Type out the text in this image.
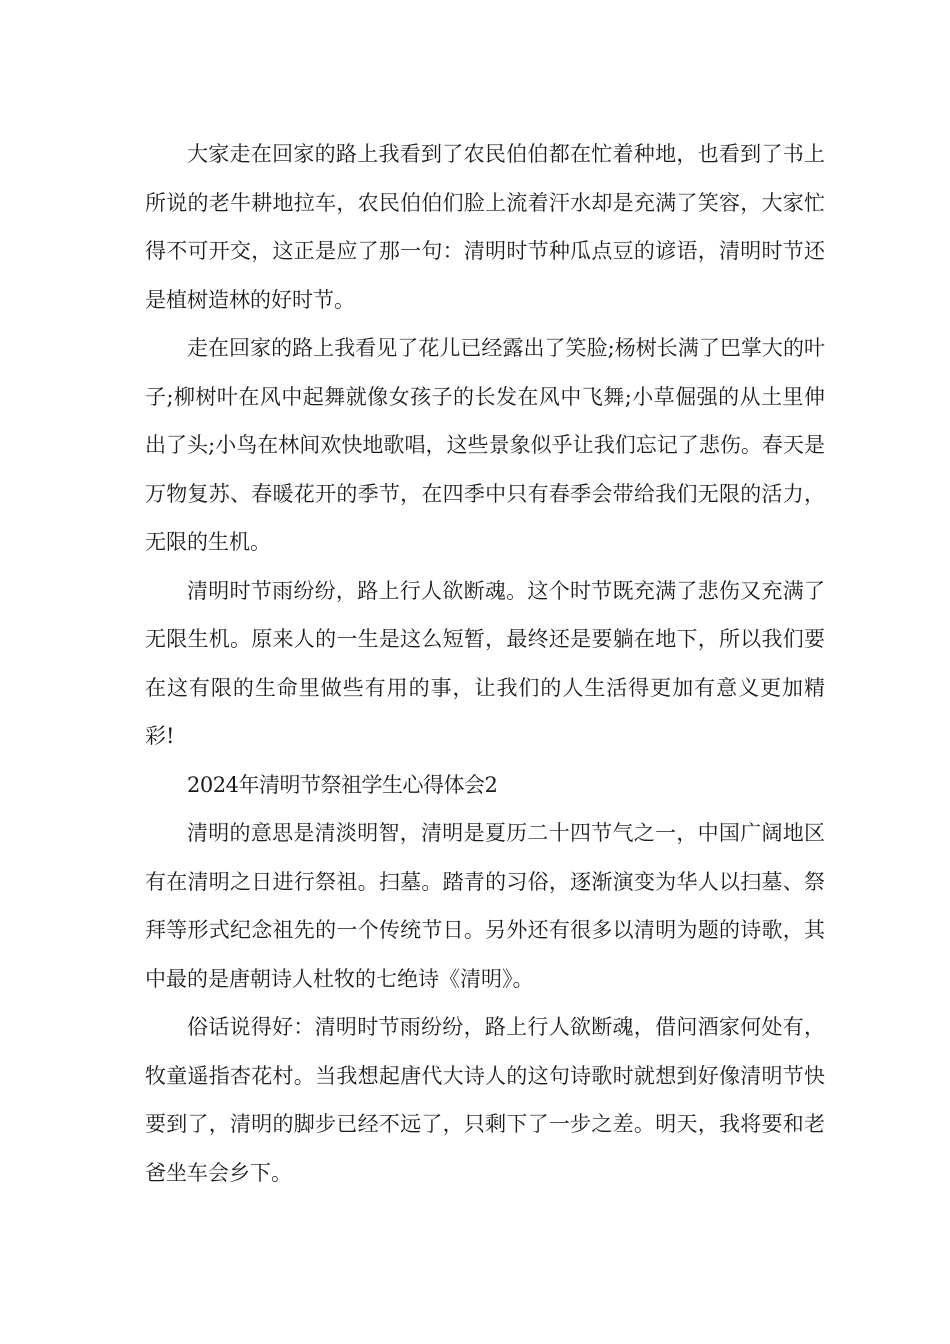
大家走在回家的路上我看到了农民伯伯都在忙着种地，也看到了书上所说的老牛耕地拉车，农民伯伯们脸上流着汗水却是充满了笑容，大家忙得不可开交，这正是应了那一句：清明时节种瓜点豆的谚语，清明时节还是植树造林的好时节。

走在回家的路上我看见了花儿已经露出了笑脸;杨树长满了巴掌大的叶子;柳树叶在风中起舞就像女孩子的长发在风中飞舞;小草倔强的从土里伸出了头;小鸟在林间欢快地歌唱，这些景象似乎让我们忘记了悲伤。春天是万物复苏、春暖花开的季节，在四季中只有春季会带给我们无限的活力，无限的生机。

清明时节雨纷纷，路上行人欲断魂。这个时节既充满了悲伤又充满了无限生机。原来人的一生是这么短暂，最终还是要躺在地下，所以我们要在这有限的生命里做些有用的事，让我们的人生活得更加有意义更加精彩!

2024年清明节祭祖学生心得体会2

清明的意思是清淡明智，清明是夏历二十四节气之一，中国广阔地区有在清明之日进行祭祖。扫墓。踏青的习俗，逐渐演变为华人以扫墓、祭拜等形式纪念祖先的一个传统节日。另外还有很多以清明为题的诗歌，其中最的是唐朝诗人杜牧的七绝诗《清明》。

俗话说得好：清明时节雨纷纷，路上行人欲断魂，借问酒家何处有，牧童遥指杏花村。当我想起唐代大诗人的这句诗歌时就想到好像清明节快要到了，清明的脚步已经不远了，只剩下了一步之差。明天，我将要和老爸坐车会乡下。
